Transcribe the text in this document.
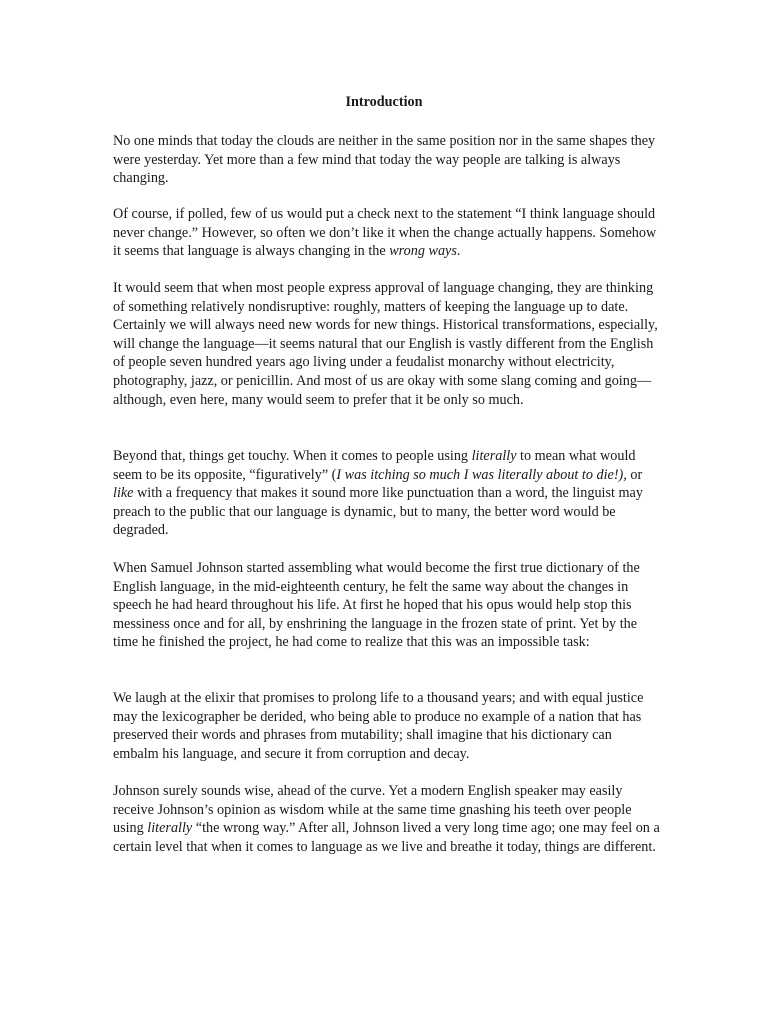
Introduction

No one minds that today the clouds are neither in the same position nor in the same shapes they were yesterday. Yet more than a few mind that today the way people are talking is always changing.

Of course, if polled, few of us would put a check next to the statement “I think language should never change.” However, so often we don’t like it when the change actually happens. Somehow it seems that language is always changing in the wrong ways.

It would seem that when most people express approval of language changing, they are thinking of something relatively nondisruptive: roughly, matters of keeping the language up to date. Certainly we will always need new words for new things. Historical transformations, especially, will change the language—it seems natural that our English is vastly different from the English of people seven hundred years ago living under a feudalist monarchy without electricity, photography, jazz, or penicillin. And most of us are okay with some slang coming and going—although, even here, many would seem to prefer that it be only so much.

Beyond that, things get touchy. When it comes to people using literally to mean what would seem to be its opposite, “figuratively” (I was itching so much I was literally about to die!), or like with a frequency that makes it sound more like punctuation than a word, the linguist may preach to the public that our language is dynamic, but to many, the better word would be degraded.

When Samuel Johnson started assembling what would become the first true dictionary of the English language, in the mid-eighteenth century, he felt the same way about the changes in speech he had heard throughout his life. At first he hoped that his opus would help stop this messiness once and for all, by enshrining the language in the frozen state of print. Yet by the time he finished the project, he had come to realize that this was an impossible task:

We laugh at the elixir that promises to prolong life to a thousand years; and with equal justice may the lexicographer be derided, who being able to produce no example of a nation that has preserved their words and phrases from mutability; shall imagine that his dictionary can embalm his language, and secure it from corruption and decay.

Johnson surely sounds wise, ahead of the curve. Yet a modern English speaker may easily receive Johnson’s opinion as wisdom while at the same time gnashing his teeth over people using literally “the wrong way.” After all, Johnson lived a very long time ago; one may feel on a certain level that when it comes to language as we live and breathe it today, things are different.
